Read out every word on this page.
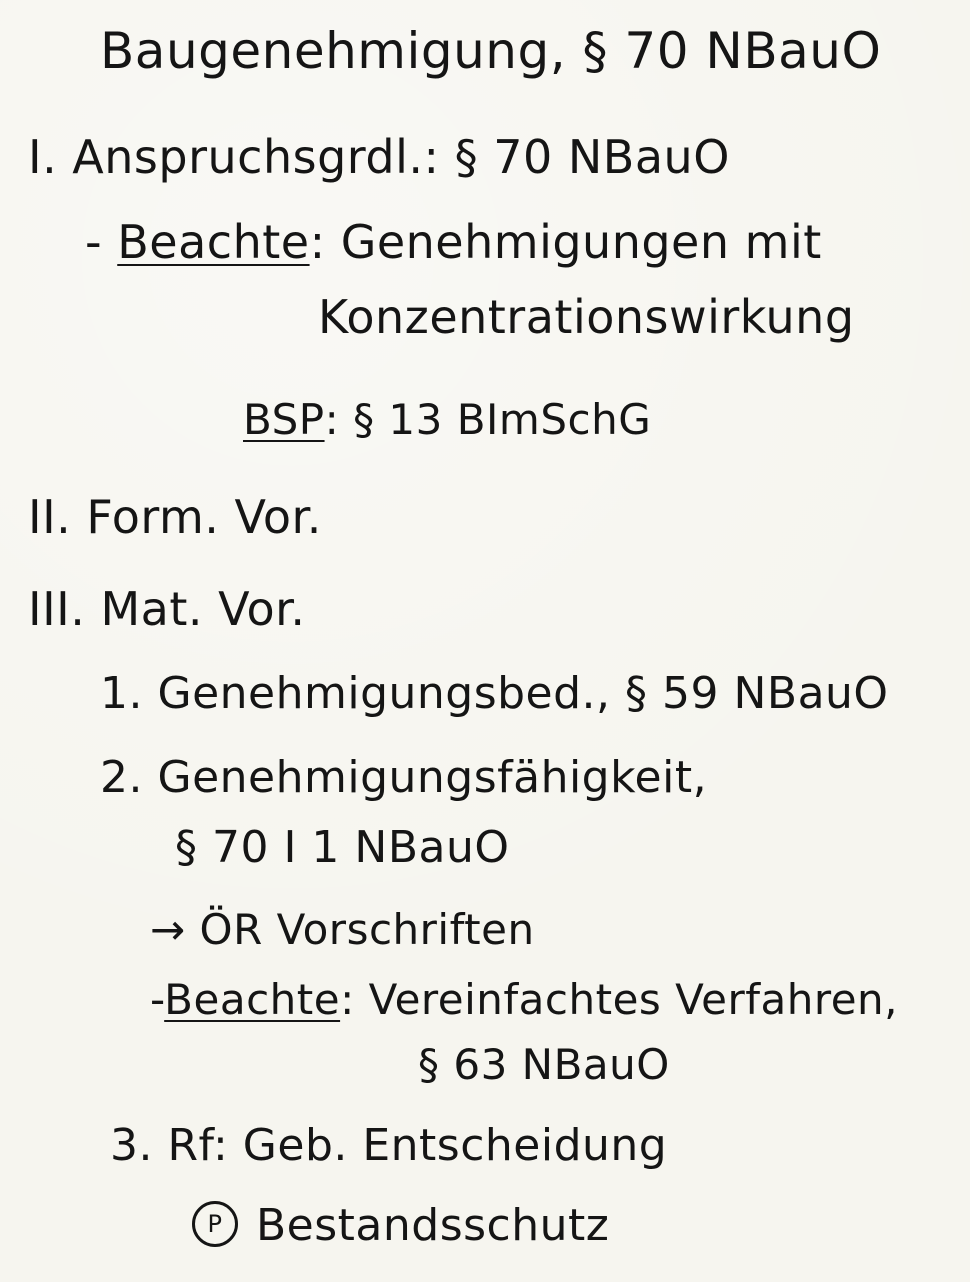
Baugenehmigung, § 70 NBauO
I. Anspruchsgrdl.: § 70 NBauO
- Beachte: Genehmigungen mit
Konzentrationswirkung
BSP: § 13 BImSchG
II. Form. Vor.
III. Mat. Vor.
1. Genehmigungsbed., § 59 NBauO
2. Genehmigungsfähigkeit,
§ 70 I 1 NBauO
→ ÖR Vorschriften
-Beachte: Vereinfachtes Verfahren,
§ 63 NBauO
3. Rf: Geb. Entscheidung
P Bestandsschutz
